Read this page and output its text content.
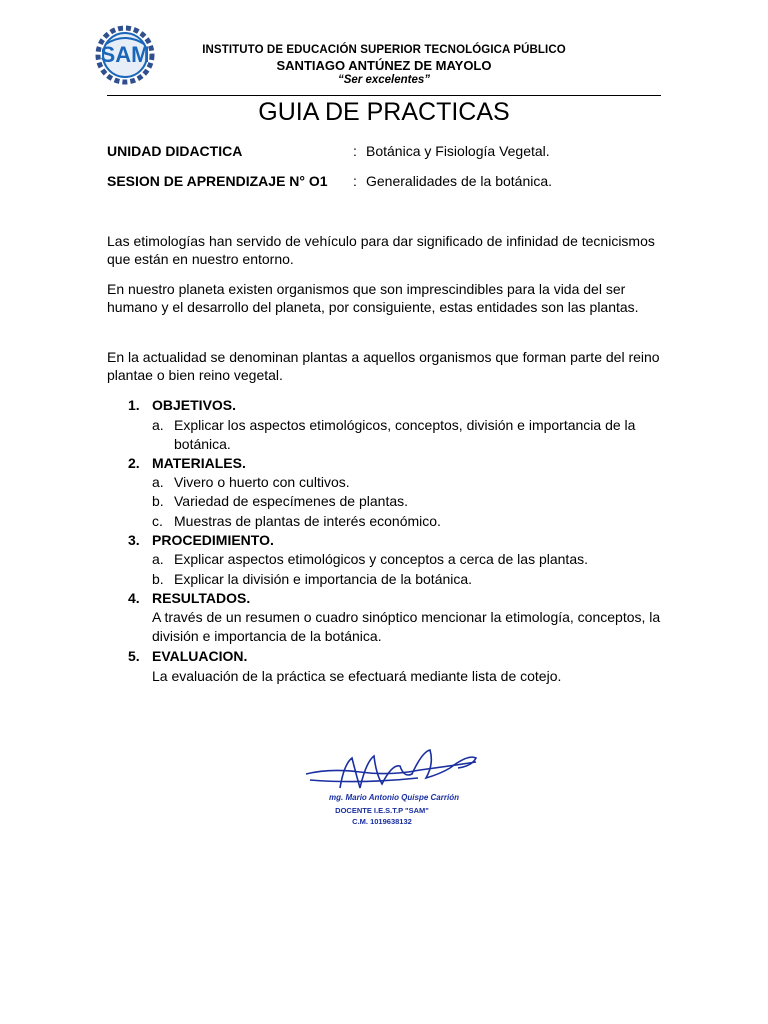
SAM	INSTITUTO DE EDUCACIÓN SUPERIOR TECNOLÓGICA PÚBLICO
SANTIAGO ANTÚNEZ DE MAYOLO
“Ser excelentes”
GUIA DE PRACTICAS
UNIDAD DIDACTICA	: Botánica y Fisiología Vegetal.
SESION DE APRENDIZAJE N° O1 : Generalidades de la botánica.
Las etimologías han servido de vehículo para dar significado de infinidad de tecnicismos que están en nuestro entorno.
En nuestro planeta existen organismos que son imprescindibles para la vida del ser humano y el desarrollo del planeta, por consiguiente, estas entidades son las plantas.
En la actualidad se denominan plantas a aquellos organismos que forman parte del reino plantae o bien reino vegetal.
1. OBJETIVOS.
a. Explicar los aspectos etimológicos, conceptos, división e importancia de la botánica.
2. MATERIALES.
a. Vivero o huerto con cultivos.
b. Variedad de especímenes de plantas.
c. Muestras de plantas de interés económico.
3. PROCEDIMIENTO.
a. Explicar aspectos etimológicos y conceptos a cerca de las plantas.
b. Explicar la división e importancia de la botánica.
4. RESULTADOS.
A través de un resumen o cuadro sinóptico mencionar la etimología, conceptos, la división e importancia de la botánica.
5. EVALUACION.
La evaluación de la práctica se efectuará mediante lista de cotejo.
mg. Mario Antonio Quispe Carrión
DOCENTE I.E.S.T.P "SAM"
C.M. 1019638132
